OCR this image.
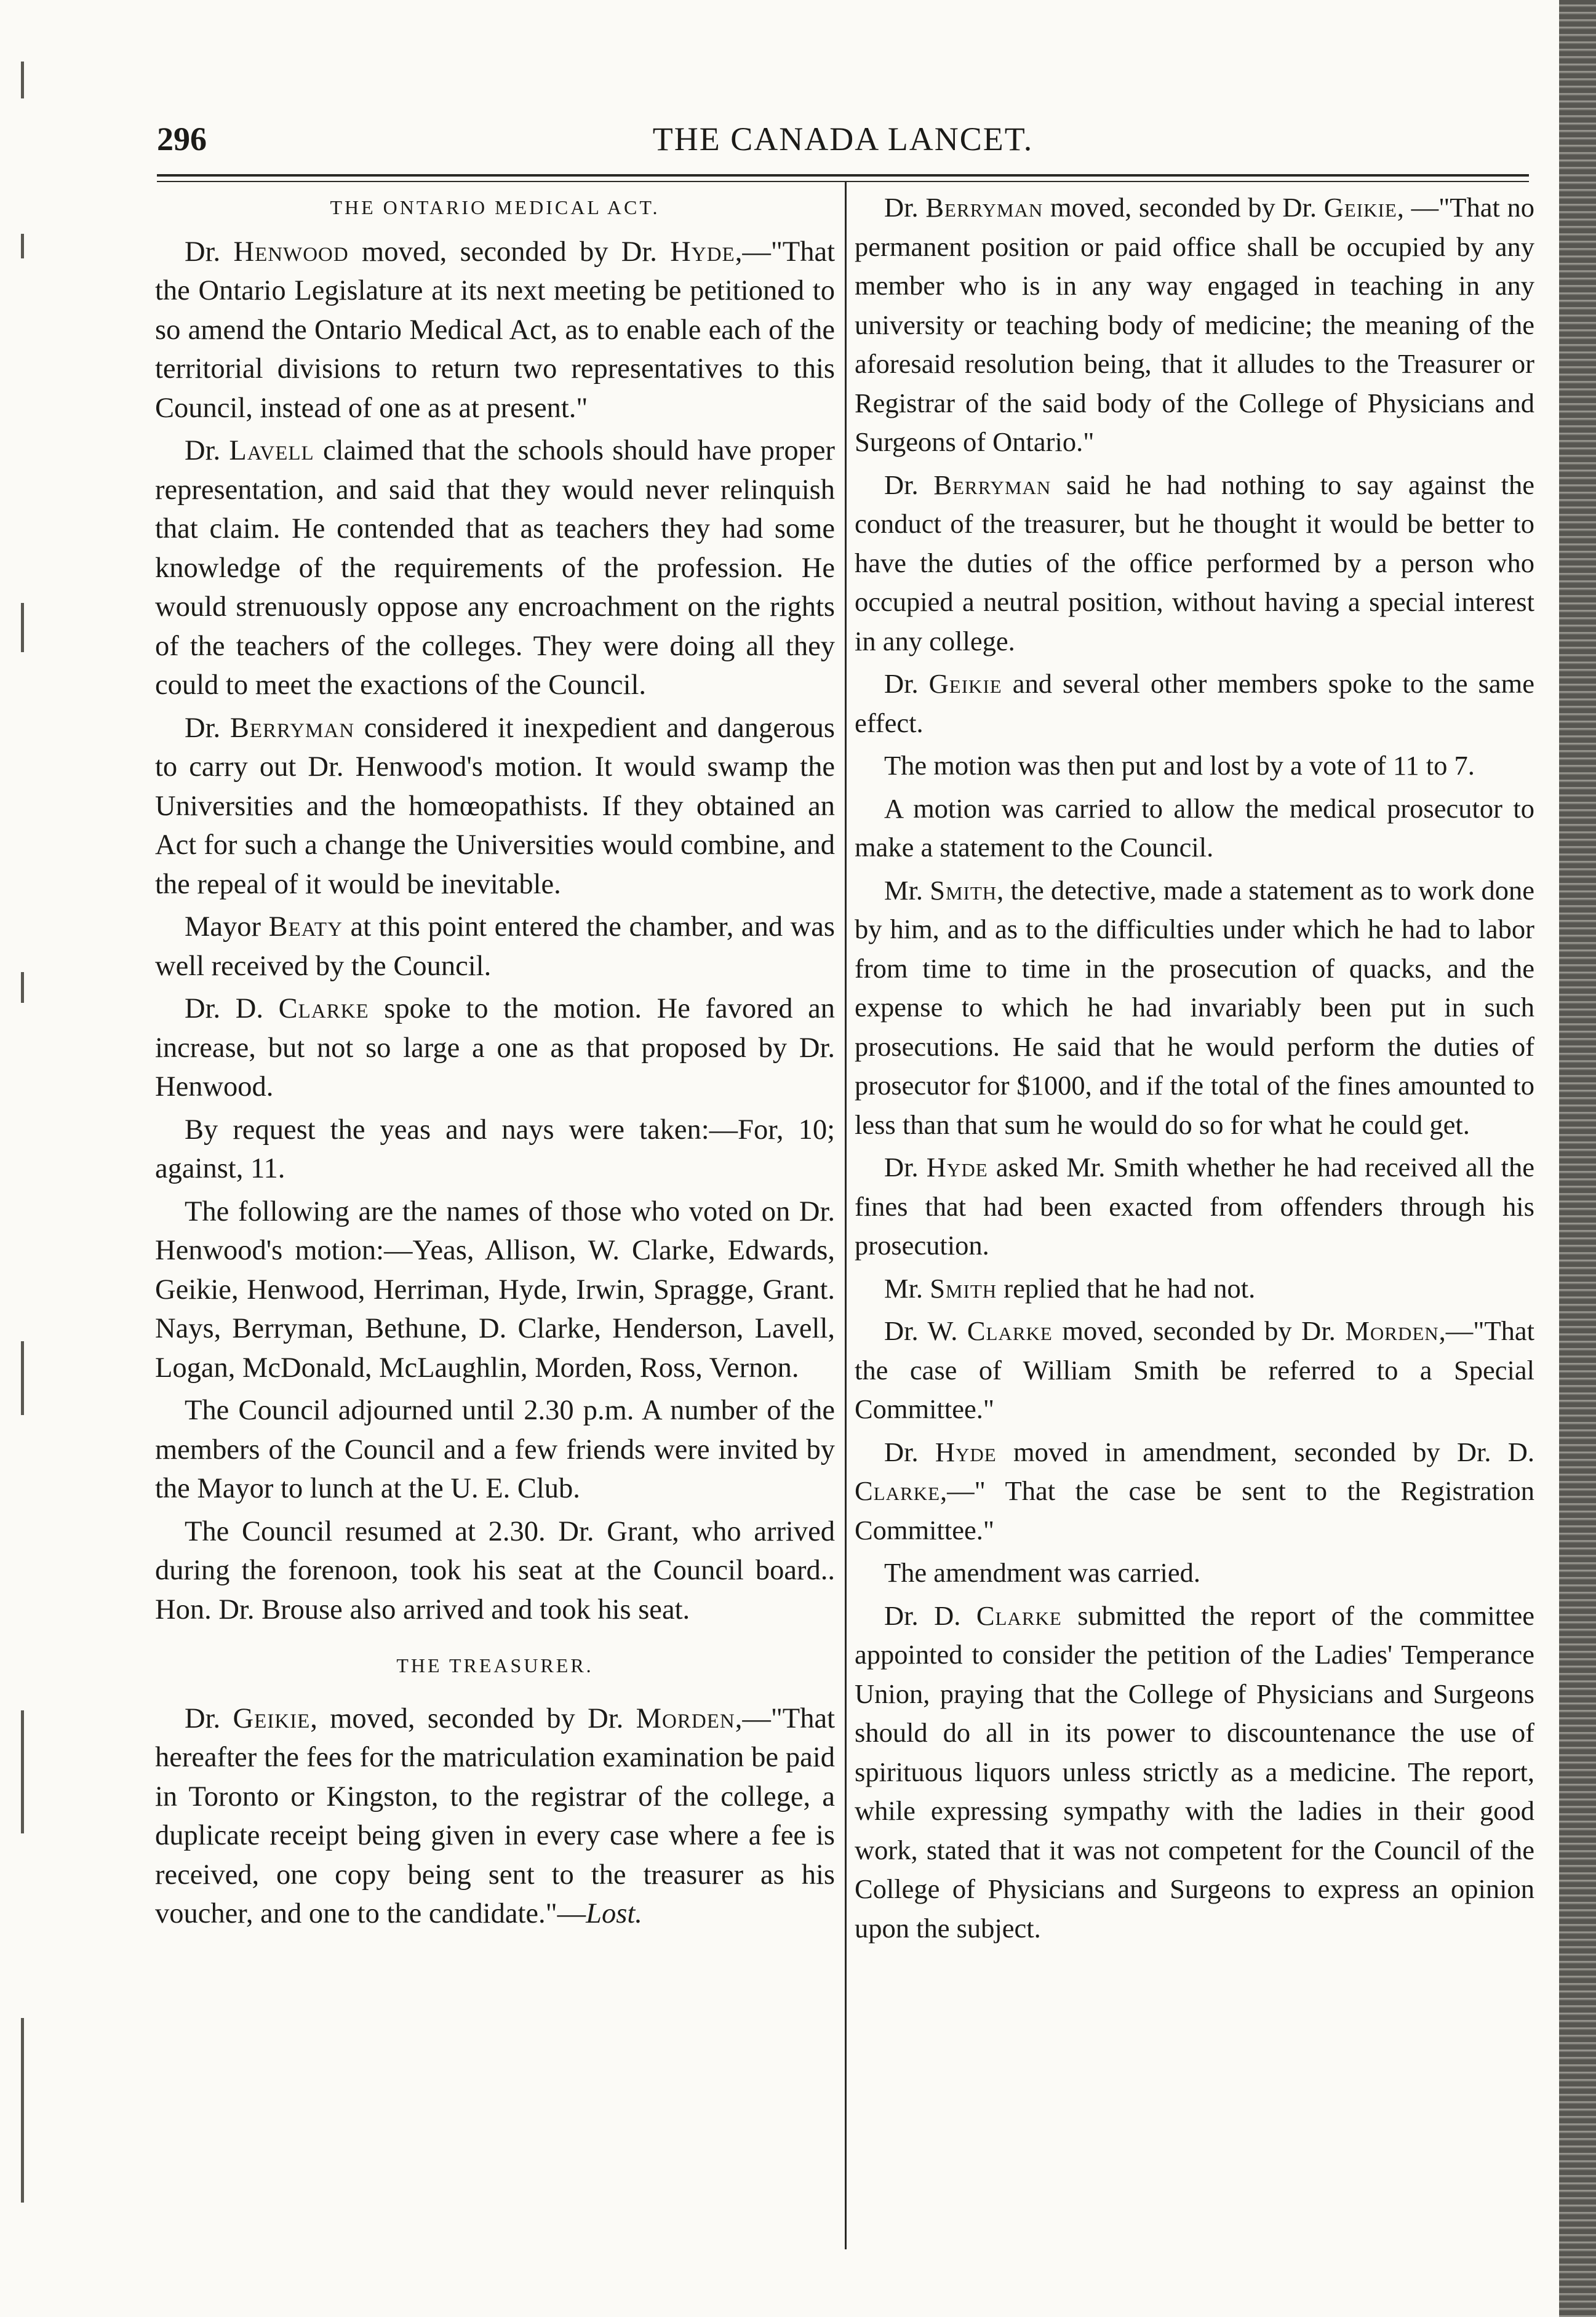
296	THE CANADA LANCET.
THE ONTARIO MEDICAL ACT.

Dr. Henwood moved, seconded by Dr. Hyde,—"That the Ontario Legislature at its next meeting be petitioned to so amend the Ontario Medical Act, as to enable each of the territorial divisions to return two representatives to this Council, instead of one as at present."

Dr. Lavell claimed that the schools should have proper representation, and said that they would never relinquish that claim. He contended that as teachers they had some knowledge of the requirements of the profession. He would strenuously oppose any encroachment on the rights of the teachers of the colleges. They were doing all they could to meet the exactions of the Council.

Dr. Berryman considered it inexpedient and dangerous to carry out Dr. Henwood's motion. It would swamp the Universities and the homœopathists. If they obtained an Act for such a change the Universities would combine, and the repeal of it would be inevitable.

Mayor Beaty at this point entered the chamber, and was well received by the Council.

Dr. D. Clarke spoke to the motion. He favored an increase, but not so large a one as that proposed by Dr. Henwood.

By request the yeas and nays were taken:—For, 10; against, 11.

The following are the names of those who voted on Dr. Henwood's motion:—Yeas, Allison, W. Clarke, Edwards, Geikie, Henwood, Herriman, Hyde, Irwin, Spragge, Grant. Nays, Berryman, Bethune, D. Clarke, Henderson, Lavell, Logan, McDonald, McLaughlin, Morden, Ross, Vernon.

The Council adjourned until 2.30 p.m. A number of the members of the Council and a few friends were invited by the Mayor to lunch at the U. E. Club.

The Council resumed at 2.30. Dr. Grant, who arrived during the forenoon, took his seat at the Council board.. Hon. Dr. Brouse also arrived and took his seat.

THE TREASURER.

Dr. Geikie, moved, seconded by Dr. Morden,—"That hereafter the fees for the matriculation examination be paid in Toronto or Kingston, to the registrar of the college, a duplicate receipt being given in every case where a fee is received, one copy being sent to the treasurer as his voucher, and one to the candidate."—Lost.

Dr. Berryman moved, seconded by Dr. Geikie, —"That no permanent position or paid office shall be occupied by any member who is in any way engaged in teaching in any university or teaching body of medicine; the meaning of the aforesaid resolution being, that it alludes to the Treasurer or Registrar of the said body of the College of Physicians and Surgeons of Ontario."

Dr. Berryman said he had nothing to say against the conduct of the treasurer, but he thought it would be better to have the duties of the office performed by a person who occupied a neutral position, without having a special interest in any college.

Dr. Geikie and several other members spoke to the same effect.

The motion was then put and lost by a vote of 11 to 7.

A motion was carried to allow the medical prosecutor to make a statement to the Council.

Mr. Smith, the detective, made a statement as to work done by him, and as to the difficulties under which he had to labor from time to time in the prosecution of quacks, and the expense to which he had invariably been put in such prosecutions. He said that he would perform the duties of prosecutor for $1000, and if the total of the fines amounted to less than that sum he would do so for what he could get.

Dr. Hyde asked Mr. Smith whether he had received all the fines that had been exacted from offenders through his prosecution.

Mr. Smith replied that he had not.

Dr. W. Clarke moved, seconded by Dr. Morden,—"That the case of William Smith be referred to a Special Committee."

Dr. Hyde moved in amendment, seconded by Dr. D. Clarke,—" That the case be sent to the Registration Committee."

The amendment was carried.

Dr. D. Clarke submitted the report of the committee appointed to consider the petition of the Ladies' Temperance Union, praying that the College of Physicians and Surgeons should do all in its power to discountenance the use of spirituous liquors unless strictly as a medicine. The report, while expressing sympathy with the ladies in their good work, stated that it was not competent for the Council of the College of Physicians and Surgeons to express an opinion upon the subject.
